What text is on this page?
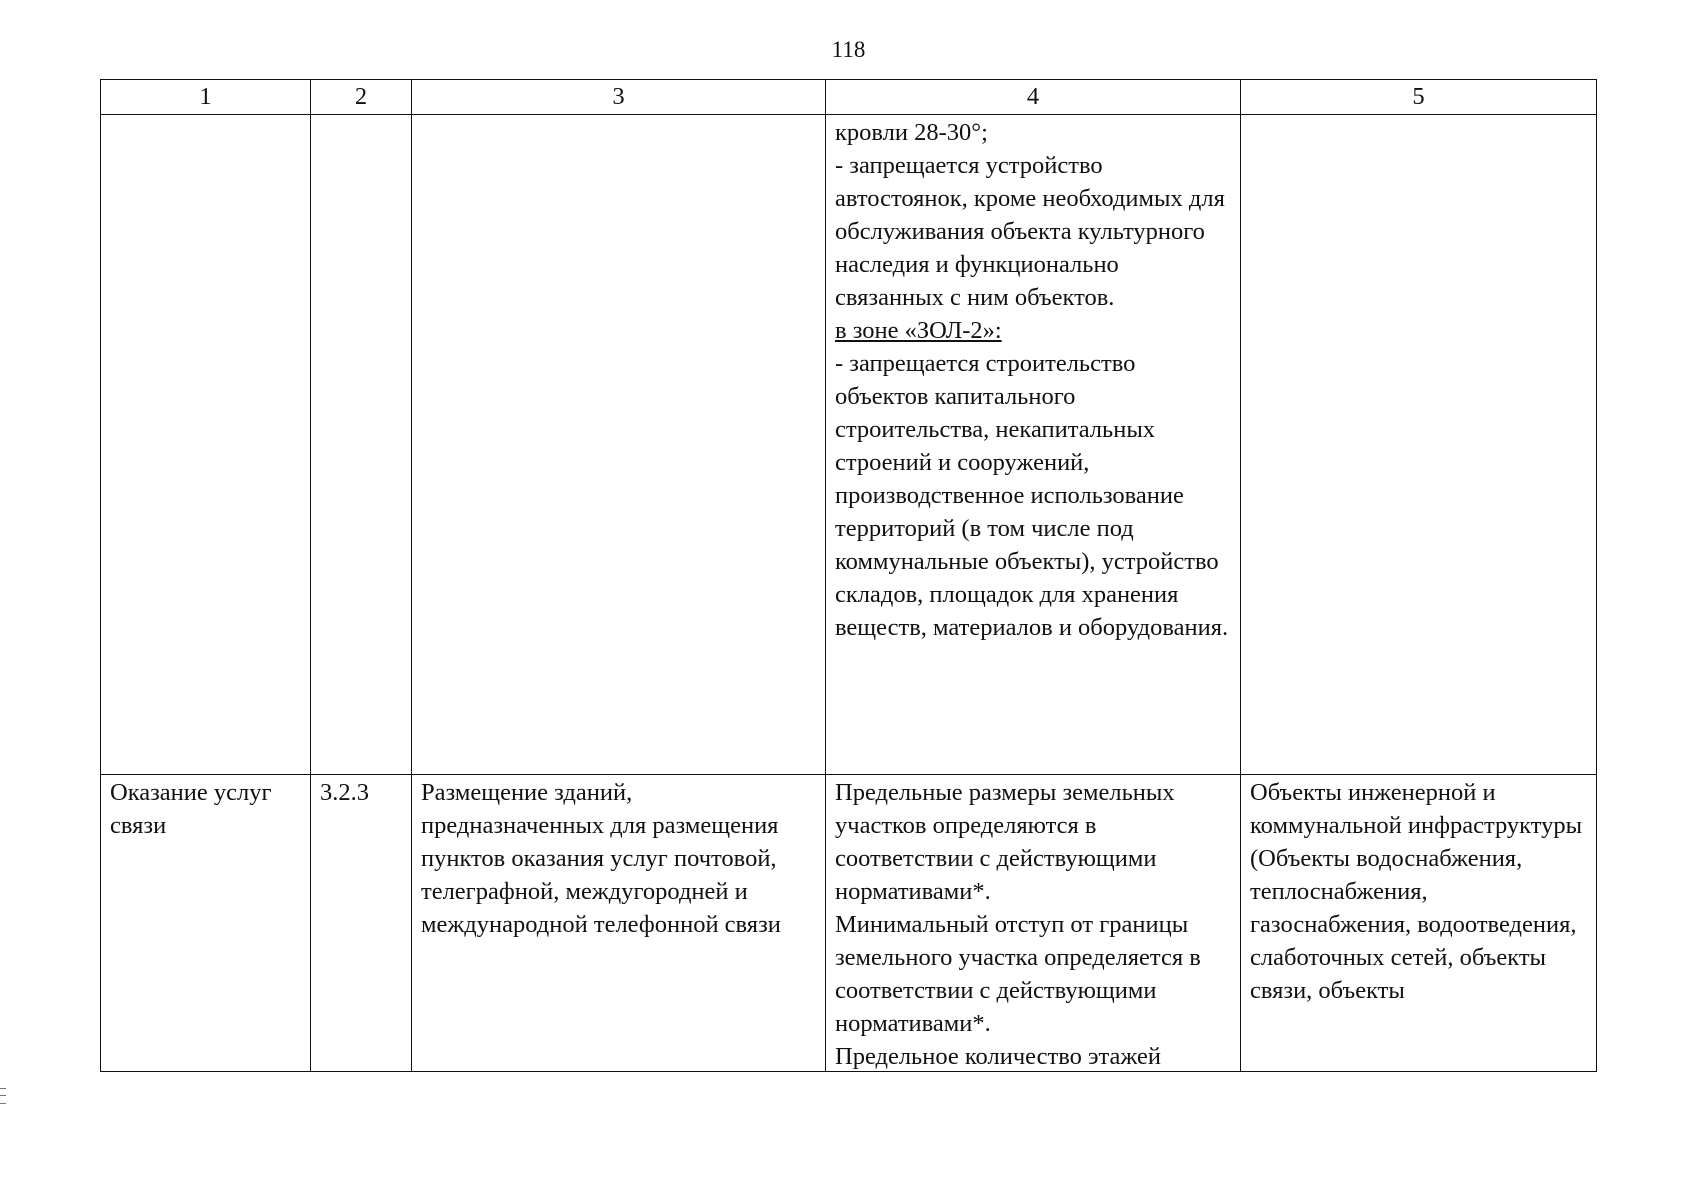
118
1	2	3	4	5

			кровли 28-30°;
- запрещается устройство автостоянок, кроме необходимых для обслуживания объекта культурного наследия и функционально связанных с ним объектов.
в зоне «ЗОЛ-2»:
- запрещается строительство объектов капитального строительства, некапитальных строений и сооружений, производственное использование территорий (в том числе под коммунальные объекты), устройство складов, площадок для хранения веществ, материалов и оборудования.	

Оказание услуг связи	3.2.3	Размещение зданий, предназначенных для размещения пунктов оказания услуг почтовой, телеграфной, междугородней и международной телефонной связи	Предельные размеры земельных участков определяются в соответствии с действующими нормативами*.
Минимальный отступ от границы земельного участка определяется в соответствии с действующими нормативами*.
Предельное количество этажей	Объекты инженерной и коммунальной инфраструктуры (Объекты водоснабжения, теплоснабжения, газоснабжения, водоотведения, слаботочных сетей, объекты связи, объекты
